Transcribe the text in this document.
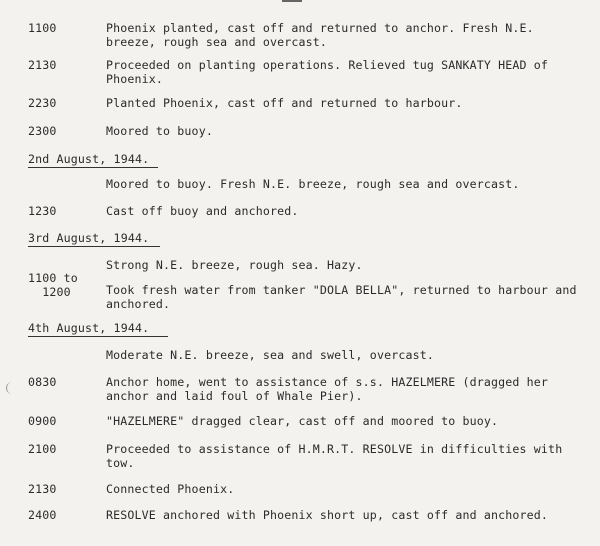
1100	Phoenix planted, cast off and returned to anchor. Fresh N.E. breeze, rough sea and overcast.
2130	Proceeded on planting operations. Relieved tug SANKATY HEAD of Phoenix.
2230	Planted Phoenix, cast off and returned to harbour.
2300	Moored to buoy.
2nd August, 1944.
Moored to buoy. Fresh N.E. breeze, rough sea and overcast.
1230	Cast off buoy and anchored.
3rd August, 1944.
Strong N.E. breeze, rough sea. Hazy.
1100 to
1200	Took fresh water from tanker "DOLA BELLA", returned to harbour and anchored.
4th August, 1944.
Moderate N.E. breeze, sea and swell, overcast.
0830	Anchor home, went to assistance of s.s. HAZELMERE (dragged her anchor and laid foul of Whale Pier).
0900	"HAZELMERE" dragged clear, cast off and moored to buoy.
2100	Proceeded to assistance of H.M.R.T. RESOLVE in difficulties with tow.
2130	Connected Phoenix.
2400	RESOLVE anchored with Phoenix short up, cast off and anchored.
